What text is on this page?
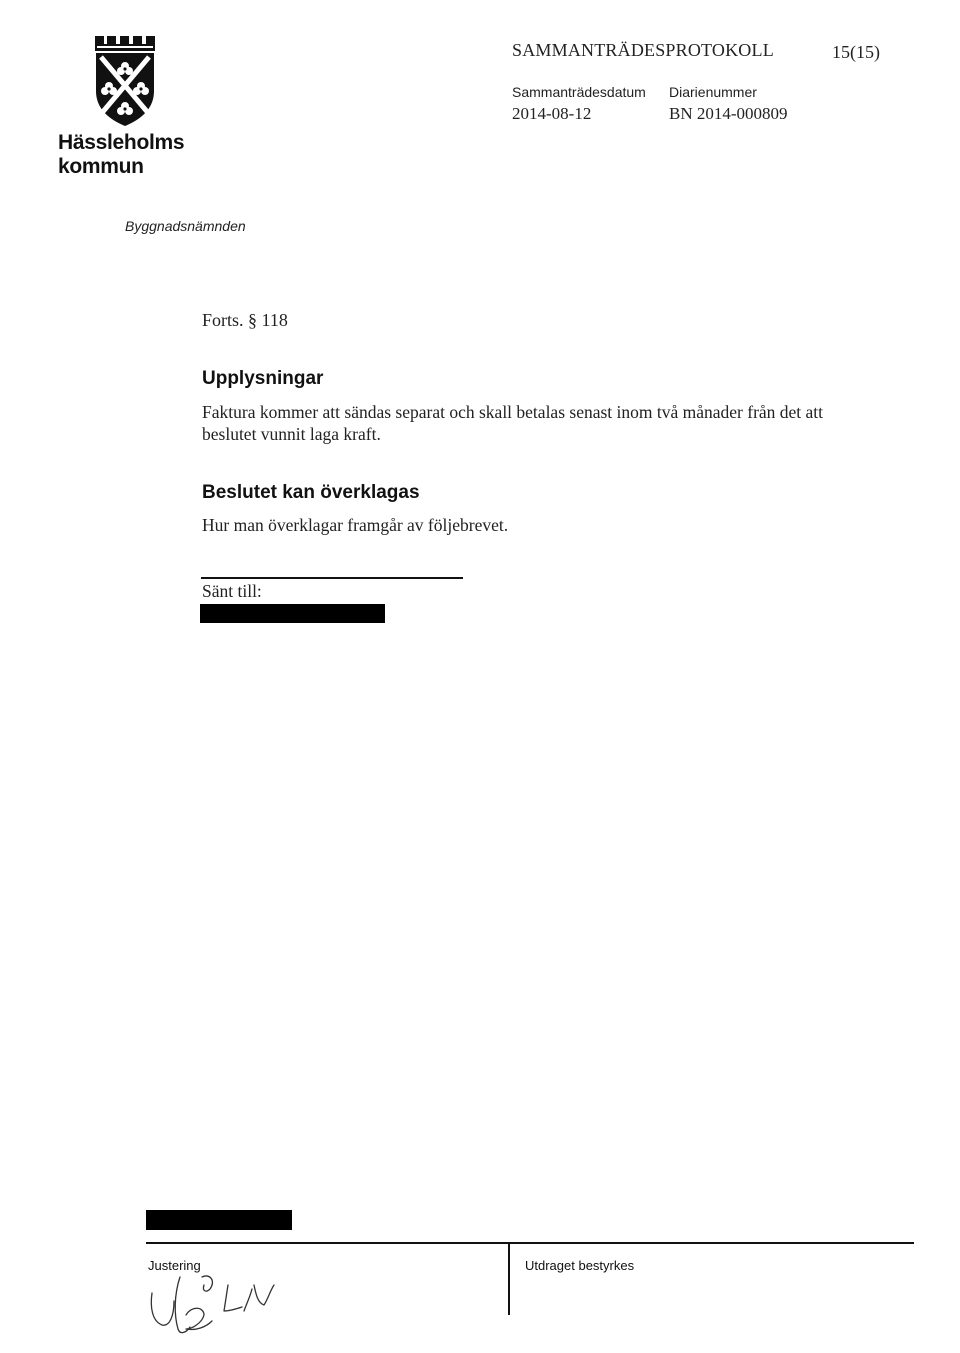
Hässleholms
kommun
SAMMANTRÄDESPROTOKOLL	15(15)
Sammanträdesdatum
2014-08-12
Diarienummer
BN 2014-000809
Byggnadsnämnden
Forts. § 118
Upplysningar

Faktura kommer att sändas separat och skall betalas senast inom två månader från det att beslutet vunnit laga kraft.

Beslutet kan överklagas
Hur man överklagar framgår av följebrevet.
Sänt till:
Justering	Utdraget bestyrkes
